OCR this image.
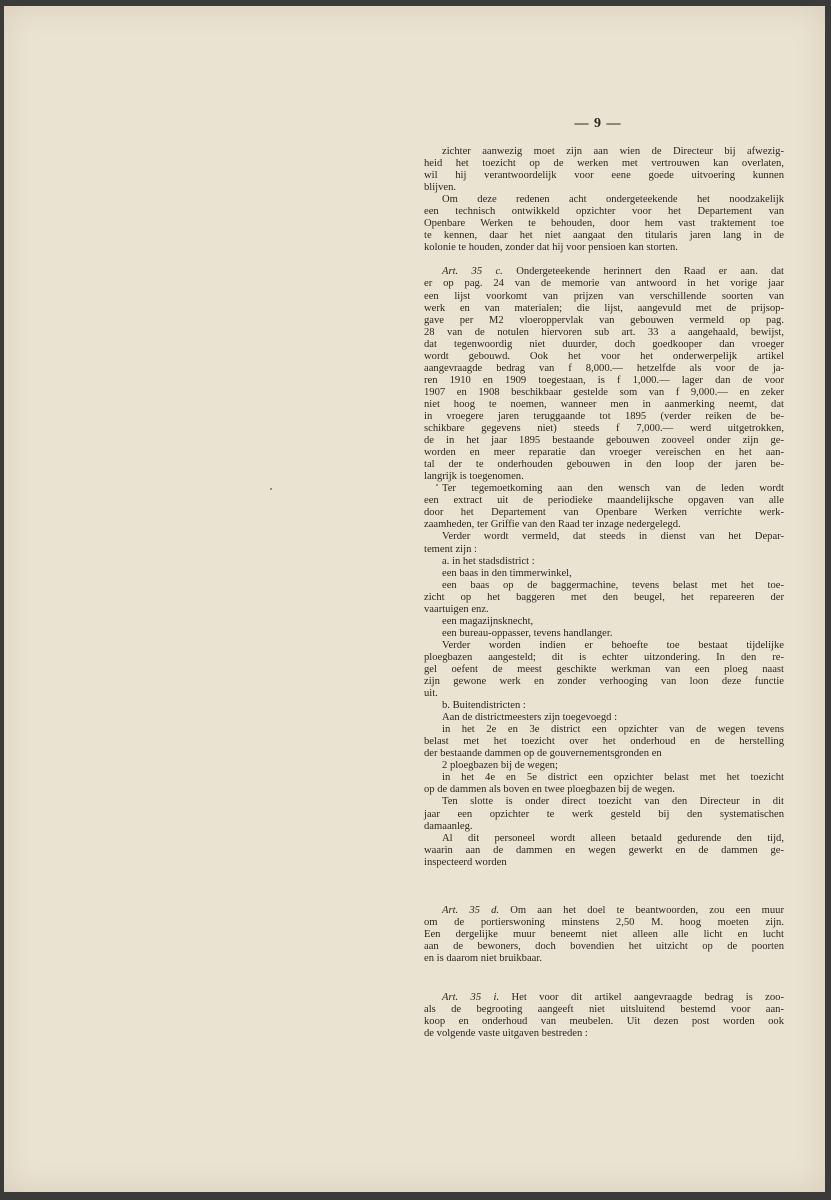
— 9 —
zichter aanwezig moet zijn aan wien de Directeur bij afwezig-
heid het toezicht op de werken met vertrouwen kan overlaten,
wil hij verantwoordelijk voor eene goede uitvoering kunnen
blijven.
Om deze redenen acht ondergeteekende het noodzakelijk
een technisch ontwikkeld opzichter voor het Departement van
Openbare Werken te behouden, door hem vast traktement toe
te kennen, daar het niet aangaat den titularis jaren lang in de
kolonie te houden, zonder dat hij voor pensioen kan storten.
Art. 35 c. Ondergeteekende herinnert den Raad er aan. dat
er op pag. 24 van de memorie van antwoord in het vorige jaar
een lijst voorkomt van prijzen van verschillende soorten van
werk en van materialen; die lijst, aangevuld met de prijsop-
gave per M2 vloeroppervlak van gebouwen vermeld op pag.
28 van de notulen hiervoren sub art. 33 a aangehaald, bewijst,
dat tegenwoordig niet duurder, doch goedkooper dan vroeger
wordt gebouwd. Ook het voor het onderwerpelijk artikel
aangevraagde bedrag van f 8,000.— hetzelfde als voor de ja-
ren 1910 en 1909 toegestaan, is f 1,000.— lager dan de voor
1907 en 1908 beschikbaar gestelde som van f 9,000.— en zeker
niet hoog te noemen, wanneer men in aanmerking neemt, dat
in vroegere jaren teruggaande tot 1895 (verder reiken de be-
schikbare gegevens niet) steeds f 7,000.— werd uitgetrokken,
de in het jaar 1895 bestaande gebouwen zooveel onder zijn ge-
worden en meer reparatie dan vroeger vereischen en het aan-
tal der te onderhouden gebouwen in den loop der jaren be-
langrijk is toegenomen.
Ter tegemoetkoming aan den wensch van de leden wordt
een extract uit de periodieke maandelijksche opgaven van alle
door het Departement van Openbare Werken verrichte werk-
zaamheden, ter Griffie van den Raad ter inzage nedergelegd.
Verder wordt vermeld, dat steeds in dienst van het Depar-
tement zijn :
a. in het stadsdistrict :
een baas in den timmerwinkel,
een baas op de baggermachine, tevens belast met het toe-
zicht op het baggeren met den beugel, het repareeren der
vaartuigen enz.
een magazijnsknecht,
een bureau-oppasser, tevens handlanger.
Verder worden indien er behoefte toe bestaat tijdelijke
ploegbazen aangesteld; dit is echter uitzondering. In den re-
gel oefent de meest geschikte werkman van een ploeg naast
zijn gewone werk en zonder verhooging van loon deze functie
uit.
b. Buitendistricten :
Aan de districtmeesters zijn toegevoegd :
in het 2e en 3e district een opzichter van de wegen tevens
belast met het toezicht over het onderhoud en de herstelling
der bestaande dammen op de gouvernementsgronden en
2 ploegbazen bij de wegen;
in het 4e en 5e district een opzichter belast met het toezicht
op de dammen als boven en twee ploegbazen bij de wegen.
Ten slotte is onder direct toezicht van den Directeur in dit
jaar een opzichter te werk gesteld bij den systematischen
damaanleg.
Al dit personeel wordt alleen betaald gedurende den tijd,
waarin aan de dammen en wegen gewerkt en de dammen ge-
inspecteerd worden
Art. 35 d. Om aan het doel te beantwoorden, zou een muur
om de portierswoning minstens 2,50 M. hoog moeten zijn.
Een dergelijke muur beneemt niet alleen alle licht en lucht
aan de bewoners, doch bovendien het uitzicht op de poorten
en is daarom niet bruikbaar.
Art. 35 i. Het voor dit artikel aangevraagde bedrag is zoo-
als de begrooting aangeeft niet uitsluitend bestemd voor aan-
koop en onderhoud van meubelen. Uit dezen post worden ook
de volgende vaste uitgaven bestreden :
